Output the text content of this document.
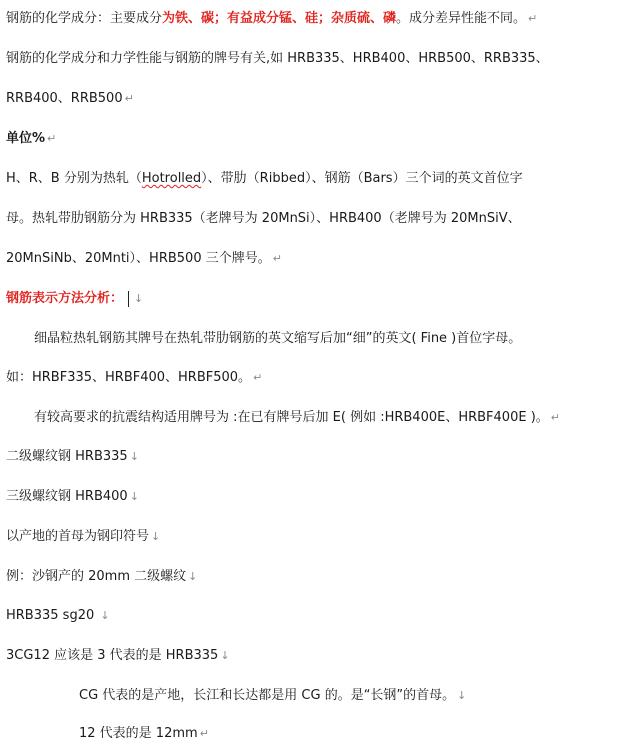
钢筋的化学成分：主要成分为铁、碳；有益成分锰、硅；杂质硫、磷。成分差异性能不同。 ↵
钢筋的化学成分和力学性能与钢筋的牌号有关,如 HRB335、HRB400、HRB500、RRB335、
RRB400、RRB500 ↵
单位% ↵
H、R、B 分别为热轧（Hotrolled）、带肋（Ribbed）、钢筋（Bars）三个词的英文首位字
母。热轧带肋钢筋分为 HRB335（老牌号为 20MnSi）、HRB400（老牌号为 20MnSiV、
20MnSiNb、20Mnti）、HRB500 三个牌号。 ↵
钢筋表示方法分析： ↓
细晶粒热轧钢筋其牌号在热轧带肋钢筋的英文缩写后加“细”的英文( Fine )首位字母。
如：HRBF335、HRBF400、HRBF500。 ↵
有较高要求的抗震结构适用牌号为 :在已有牌号后加 E( 例如 :HRB400E、HRBF400E )。 ↵
二级螺纹钢 HRB335 ↓
三级螺纹钢 HRB400 ↓
以产地的首母为钢印符号 ↓
例：沙钢产的 20mm 二级螺纹 ↓
HRB335 sg20 ↓
3CG12 应该是 3 代表的是 HRB335 ↓
CG 代表的是产地，长江和长达都是用 CG 的。是“长钢”的首母。 ↓
12 代表的是 12mm ↵
